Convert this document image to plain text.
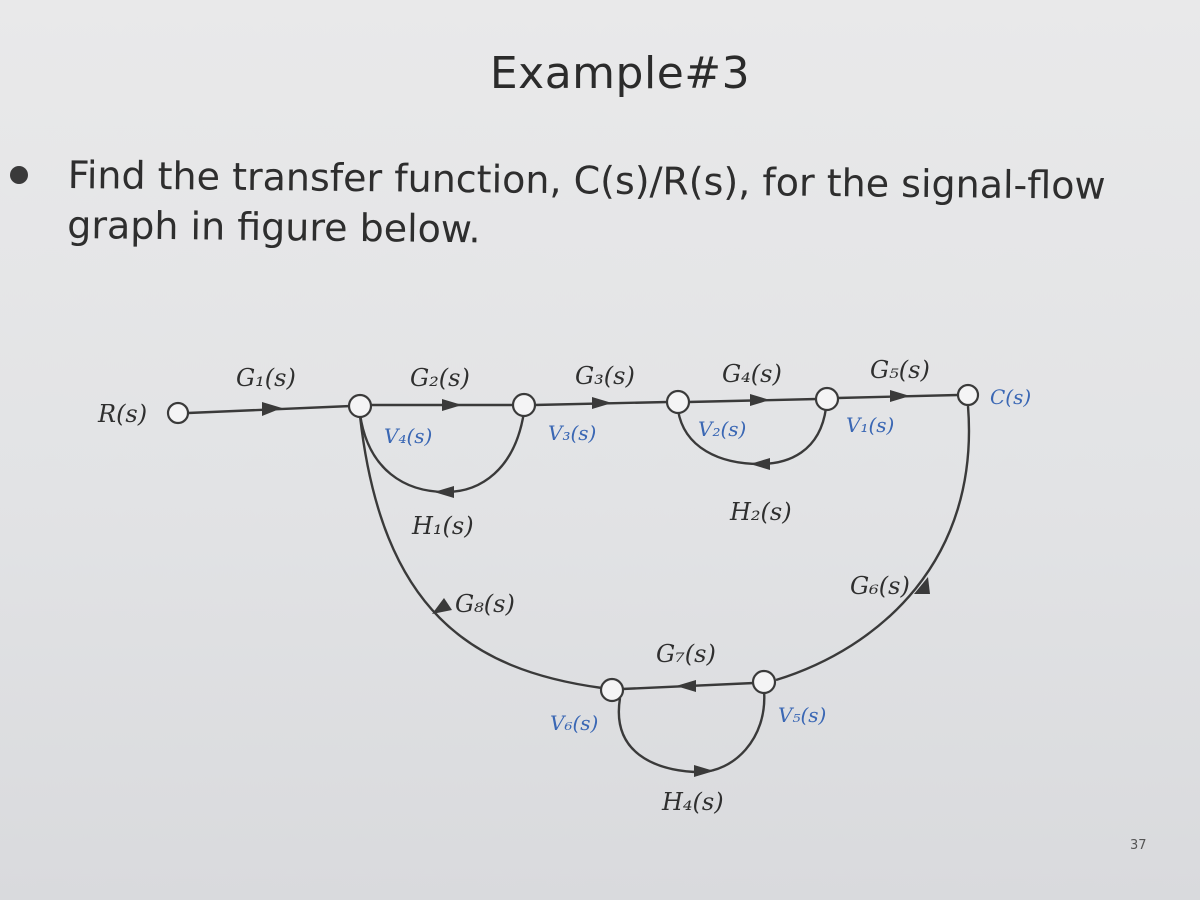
Example#3
Find the transfer function, C(s)/R(s), for the signal-flow graph in figure below.
R(s)
C(s)
G₁(s)	G₂(s)	G₃(s)	G₄(s)	G₅(s)
H₁(s)	H₂(s)
G₈(s)
G₆(s)
G₇(s)
H₄(s)
V₄(s)	V₃(s)	V₂(s)	V₁(s)
V₆(s)	V₅(s)
37
